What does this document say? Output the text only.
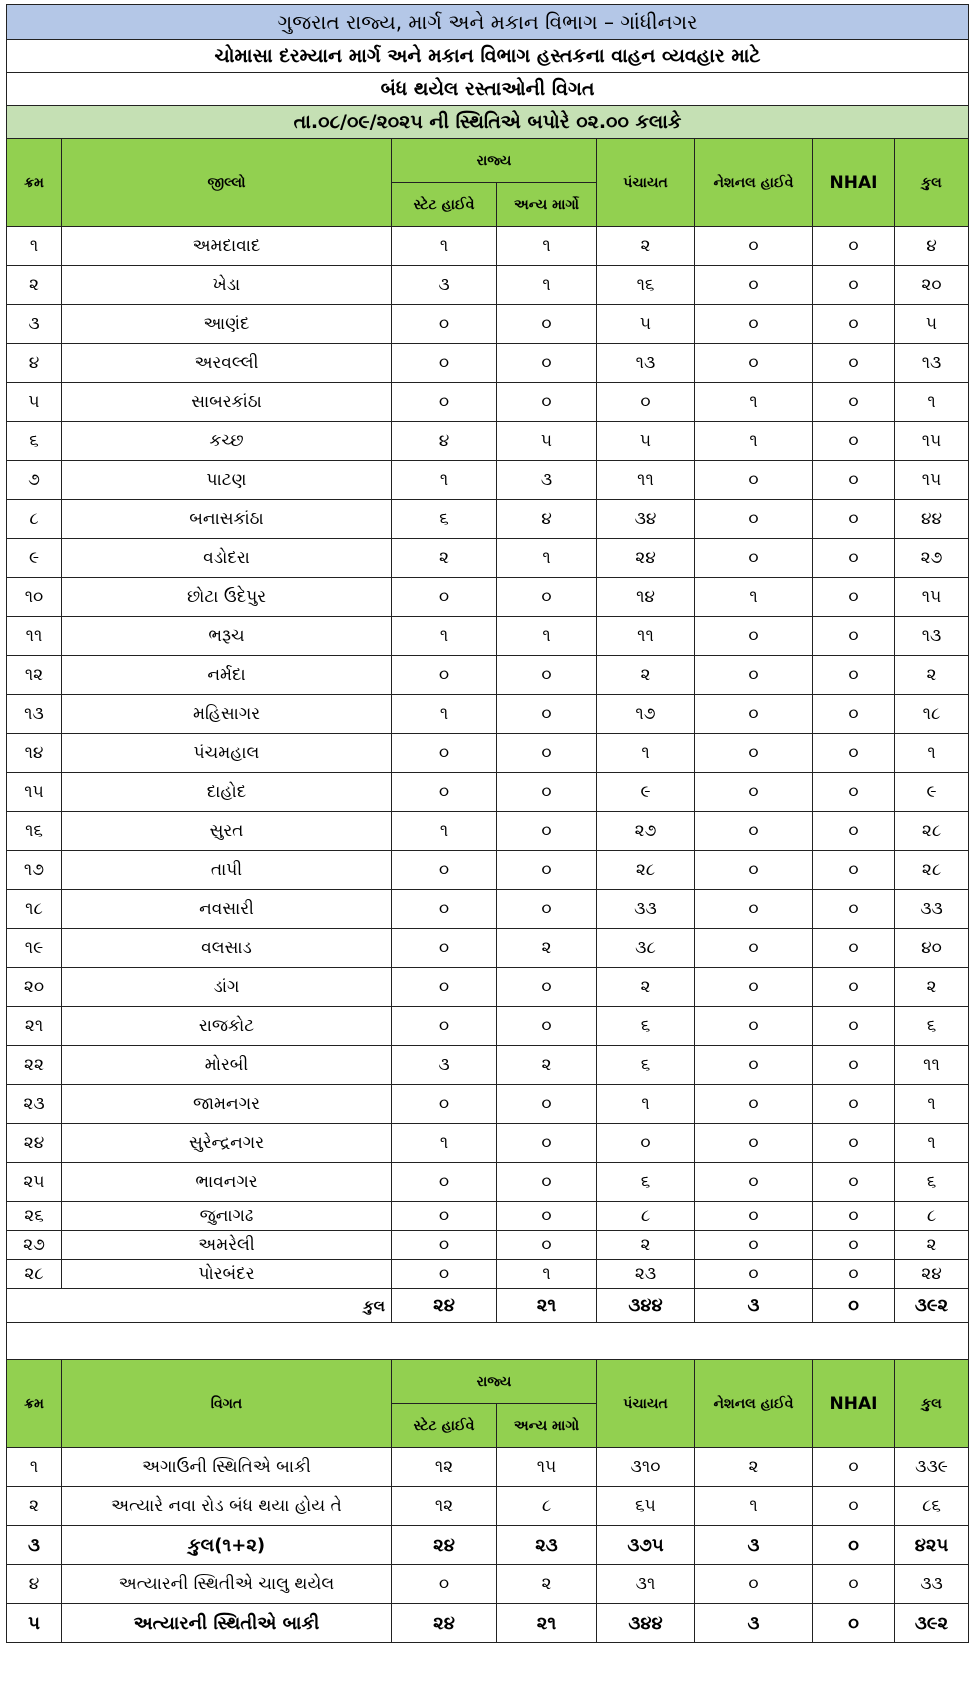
ગુજરાત રાજ્ય, માર્ગ અને મકાન વિભાગ – ગાંધીનગર							
ચોમાસા દરમ્યાન માર્ગ અને મકાન વિભાગ હસ્તકના વાહન વ્યવહાર માટે							
બંધ થયેલ રસ્તાઓની વિગત							
તા.૦૮/૦૯/૨૦૨૫ ની સ્થિતિએ બપોરે ૦૨.૦૦ કલાકે							
ક્રમ	જીલ્લો	રાજ્ય		પંચાયત	નેશનલ હાઈવે	NHAI	કુલ
		સ્ટેટ હાઈવે	અન્ય માર્ગો				
૧	અમદાવાદ	૧	૧	૨	૦	૦	૪
૨	ખેડા	૩	૧	૧૬	૦	૦	૨૦
૩	આણંદ	૦	૦	૫	૦	૦	૫
૪	અરવલ્લી	૦	૦	૧૩	૦	૦	૧૩
૫	સાબરકાંઠા	૦	૦	૦	૧	૦	૧
૬	કચ્છ	૪	૫	૫	૧	૦	૧૫
૭	પાટણ	૧	૩	૧૧	૦	૦	૧૫
૮	બનાસકાંઠા	૬	૪	૩૪	૦	૦	૪૪
૯	વડોદરા	૨	૧	૨૪	૦	૦	૨૭
૧૦	છોટા ઉદેપુર	૦	૦	૧૪	૧	૦	૧૫
૧૧	ભરૂચ	૧	૧	૧૧	૦	૦	૧૩
૧૨	નર્મદા	૦	૦	૨	૦	૦	૨
૧૩	મહિસાગર	૧	૦	૧૭	૦	૦	૧૮
૧૪	પંચમહાલ	૦	૦	૧	૦	૦	૧
૧૫	દાહોદ	૦	૦	૯	૦	૦	૯
૧૬	સુરત	૧	૦	૨૭	૦	૦	૨૮
૧૭	તાપી	૦	૦	૨૮	૦	૦	૨૮
૧૮	નવસારી	૦	૦	૩૩	૦	૦	૩૩
૧૯	વલસાડ	૦	૨	૩૮	૦	૦	૪૦
૨૦	ડાંગ	૦	૦	૨	૦	૦	૨
૨૧	રાજકોટ	૦	૦	૬	૦	૦	૬
૨૨	મોરબી	૩	૨	૬	૦	૦	૧૧
૨૩	જામનગર	૦	૦	૧	૦	૦	૧
૨૪	સુરેન્દ્રનગર	૧	૦	૦	૦	૦	૧
૨૫	ભાવનગર	૦	૦	૬	૦	૦	૬
૨૬	જુનાગઢ	૦	૦	૮	૦	૦	૮
૨૭	અમરેલી	૦	૦	૨	૦	૦	૨
૨૮	પોરબંદર	૦	૧	૨૩	૦	૦	૨૪
કુલ		૨૪	૨૧	૩૪૪	૩	૦	૩૯૨

ક્રમ	વિગત	રાજ્ય		પંચાયત	નેશનલ હાઈવે	NHAI	કુલ
		સ્ટેટ હાઈવે	અન્ય માગો				
૧	અગાઉની સ્થિતિએ બાકી	૧૨	૧૫	૩૧૦	૨	૦	૩૩૯
૨	અત્યારે નવા રોડ બંધ થયા હોય તે	૧૨	૮	૬૫	૧	૦	૮૬
૩	કુલ(૧+૨)	૨૪	૨૩	૩૭૫	૩	૦	૪૨૫
૪	અત્યારની સ્થિતીએ ચાલુ થયેલ	૦	૨	૩૧	૦	૦	૩૩
૫	અત્યારની સ્થિતીએ બાકી	૨૪	૨૧	૩૪૪	૩	૦	૩૯૨
